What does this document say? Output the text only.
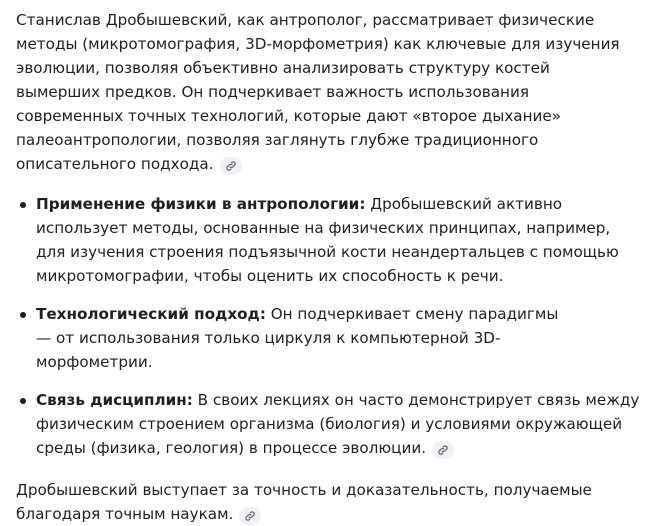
Станислав Дробышевский, как антрополог, рассматривает физические методы (микротомография, 3D-морфометрия) как ключевые для изучения эволюции, позволяя объективно анализировать структуру костей вымерших предков. Он подчеркивает важность использования современных точных технологий, которые дают «второе дыхание» палеоантропологии, позволяя заглянуть глубже традиционного описательного подхода.

Применение физики в антропологии: Дробышевский активно использует методы, основанные на физических принципах, например, для изучения строения подъязычной кости неандертальцев с помощью микротомографии, чтобы оценить их способность к речи.
Технологический подход: Он подчеркивает смену парадигмы — от использования только циркуля к компьютерной 3D-морфометрии.
Связь дисциплин: В своих лекциях он часто демонстрирует связь между физическим строением организма (биология) и условиями окружающей среды (физика, геология) в процессе эволюции.

Дробышевский выступает за точность и доказательность, получаемые благодаря точным наукам.
